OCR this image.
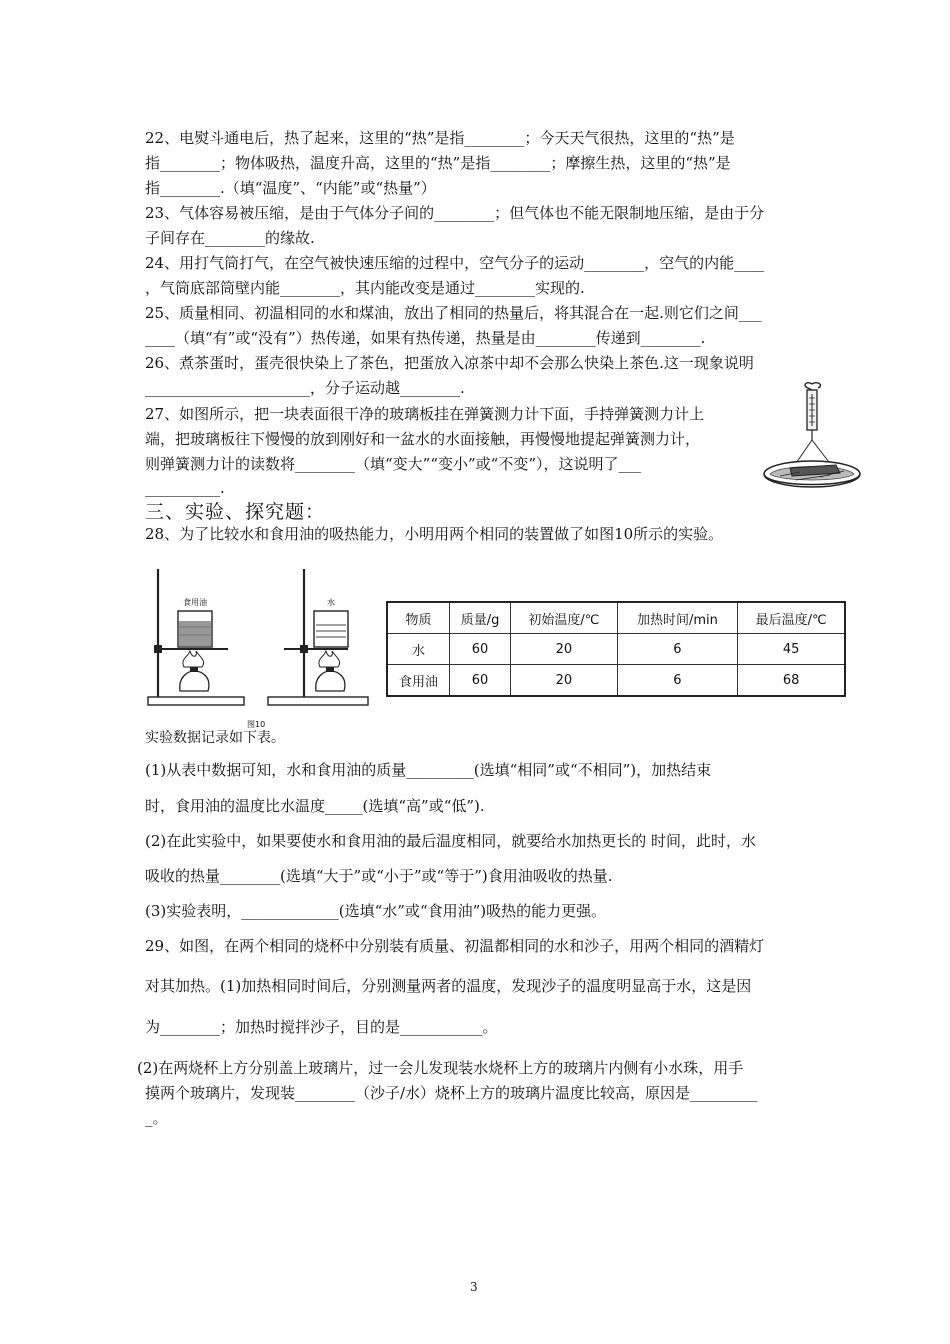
22、电熨斗通电后，热了起来，这里的“热”是指________；今天天气很热，这里的“热”是
指________；物体吸热，温度升高，这里的“热”是指________；摩擦生热，这里的“热”是
指________.（填“温度”、“内能”或“热量”）
23、气体容易被压缩，是由于气体分子间的________；但气体也不能无限制地压缩，是由于分
子间存在________的缘故.
24、用打气筒打气，在空气被快速压缩的过程中，空气分子的运动________，空气的内能____
，气筒底部筒壁内能________，其内能改变是通过________实现的.
25、质量相同、初温相同的水和煤油，放出了相同的热量后，将其混合在一起.则它们之间___
____（填“有”或“没有”）热传递，如果有热传递，热量是由________传递到________.
26、煮茶蛋时，蛋壳很快染上了茶色，把蛋放入凉茶中却不会那么快染上茶色.这一现象说明
______________________，分子运动越________.
27、如图所示，把一块表面很干净的玻璃板挂在弹簧测力计下面，手持弹簧测力计上
端，把玻璃板往下慢慢的放到刚好和一盆水的水面接触，再慢慢地提起弹簧测力计，
则弹簧测力计的读数将________（填“变大”“变小”或“不变”），这说明了___
__________.
三、实验、探究题：
28、为了比较水和食用油的吸热能力，小明用两个相同的装置做了如图10所示的实验。
食用油	水
图10
物质	质量/g	初始温度/℃	加热时间/min	最后温度/℃
水	60	20	6	45
食用油	60	20	6	68
实验数据记录如下表。
(1)从表中数据可知，水和食用油的质量_________(选填“相同”或“不相同”)，加热结束
时，食用油的温度比水温度_____(选填“高”或“低”).
(2)在此实验中，如果要使水和食用油的最后温度相同，就要给水加热更长的 时间，此时，水
吸收的热量________(选填“大于”或“小于”或“等于”)食用油吸收的热量.
(3)实验表明，_____________(选填“水”或“食用油”)吸热的能力更强。
29、如图，在两个相同的烧杯中分别装有质量、初温都相同的水和沙子，用两个相同的酒精灯
对其加热。(1)加热相同时间后，分别测量两者的温度，发现沙子的温度明显高于水，这是因
为________；加热时搅拌沙子，目的是___________。
(2)在两烧杯上方分别盖上玻璃片，过一会儿发现装水烧杯上方的玻璃片内侧有小水珠，用手
摸两个玻璃片，发现装________（沙子/水）烧杯上方的玻璃片温度比较高，原因是_________
_。
3
